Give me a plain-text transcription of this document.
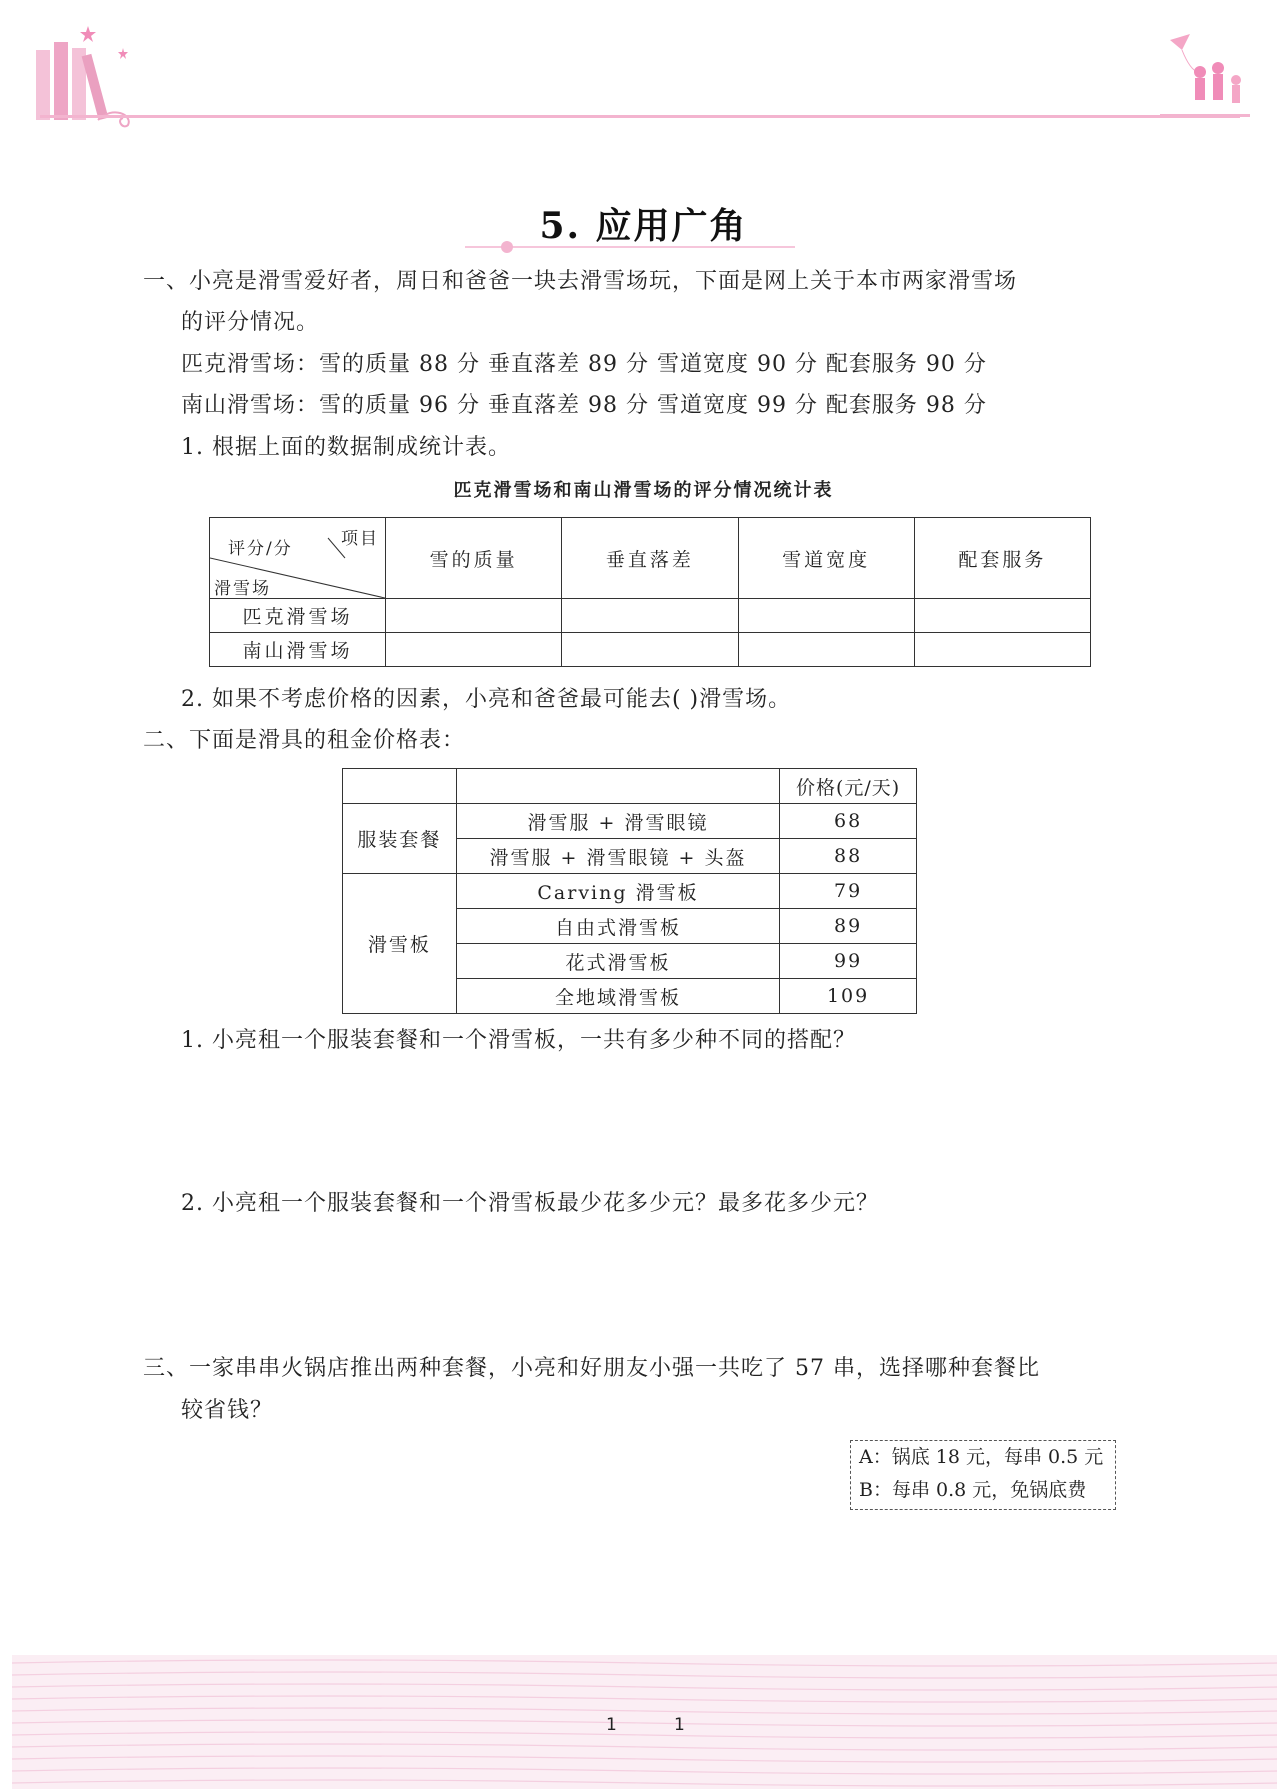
5. 应用广角
一、小亮是滑雪爱好者，周日和爸爸一块去滑雪场玩，下面是网上关于本市两家滑雪场
的评分情况。
匹克滑雪场：雪的质量 88 分 垂直落差 89 分 雪道宽度 90 分 配套服务 90 分
南山滑雪场：雪的质量 96 分 垂直落差 98 分 雪道宽度 99 分 配套服务 98 分
1. 根据上面的数据制成统计表。
匹克滑雪场和南山滑雪场的评分情况统计表
项目
评分/分
滑雪场	雪的质量	垂直落差	雪道宽度	配套服务
匹克滑雪场				
南山滑雪场				
2. 如果不考虑价格的因素，小亮和爸爸最可能去( )滑雪场。
二、下面是滑具的租金价格表：
		价格(元/天)
服装套餐	滑雪服 + 滑雪眼镜	68
	滑雪服 + 滑雪眼镜 + 头盔	88
滑雪板	Carving 滑雪板	79
	自由式滑雪板	89
	花式滑雪板	99
	全地域滑雪板	109
1. 小亮租一个服装套餐和一个滑雪板，一共有多少种不同的搭配？
2. 小亮租一个服装套餐和一个滑雪板最少花多少元？最多花多少元？
三、一家串串火锅店推出两种套餐，小亮和好朋友小强一共吃了 57 串，选择哪种套餐比
较省钱？
A：锅底 18 元，每串 0.5 元
B：每串 0.8 元，免锅底费
1	1
